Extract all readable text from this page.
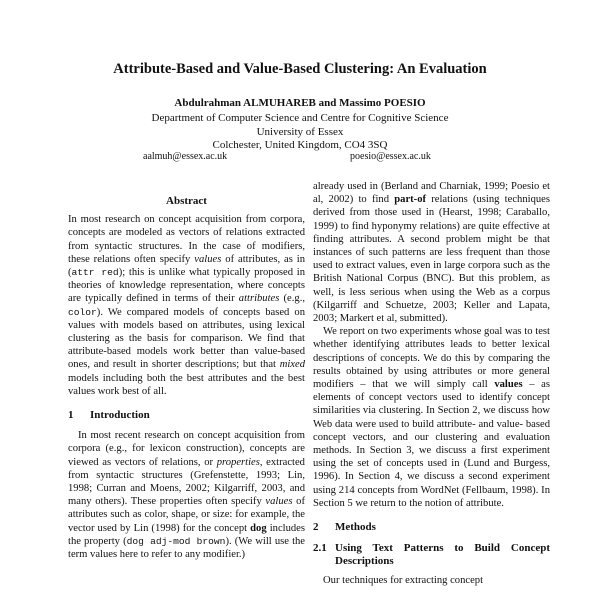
Attribute-Based and Value-Based Clustering: An Evaluation
Abdulrahman ALMUHAREB and Massimo POESIO
Department of Computer Science and Centre for Cognitive Science
University of Essex
Colchester, United Kingdom, CO4 3SQ
aalmuh@essex.ac.uk	poesio@essex.ac.uk
Abstract

In most research on concept acquisition from corpora, concepts are modeled as vectors of relations extracted from syntactic structures. In the case of modifiers, these relations often specify values of attributes, as in (attr red); this is unlike what typically proposed in theories of knowledge representation, where concepts are typically defined in terms of their attributes (e.g., color). We compared models of concepts based on values with models based on attributes, using lexical clustering as the basis for comparison. We find that attribute-based models work better than value-based ones, and result in shorter descriptions; but that mixed models including both the best attributes and the best values work best of all.

1 Introduction

In most recent research on concept acquisition from corpora (e.g., for lexicon construction), concepts are viewed as vectors of relations, or properties, extracted from syntactic structures (Grefenstette, 1993; Lin, 1998; Curran and Moens, 2002; Kilgarriff, 2003, and many others). These properties often specify values of attributes such as color, shape, or size: for example, the vector used by Lin (1998) for the concept dog includes the property (dog adj-mod brown). (We will use the term values here to refer to any modifier.)

already used in (Berland and Charniak, 1999; Poesio et al, 2002) to find part-of relations (using techniques derived from those used in (Hearst, 1998; Caraballo, 1999) to find hyponymy relations) are quite effective at finding attributes. A second problem might be that instances of such patterns are less frequent than those used to extract values, even in large corpora such as the British National Corpus (BNC). But this problem, as well, is less serious when using the Web as a corpus (Kilgarriff and Schuetze, 2003; Keller and Lapata, 2003; Markert et al, submitted).

We report on two experiments whose goal was to test whether identifying attributes leads to better lexical descriptions of concepts. We do this by comparing the results obtained by using attributes or more general modifiers – that we will simply call values – as elements of concept vectors used to identify concept similarities via clustering. In Section 2, we discuss how Web data were used to build attribute- and value- based concept vectors, and our clustering and evaluation methods. In Section 3, we discuss a first experiment using the set of concepts used in (Lund and Burgess, 1996). In Section 4, we discuss a second experiment using 214 concepts from WordNet (Fellbaum, 1998). In Section 5 we return to the notion of attribute.

2 Methods
2.1 Using Text Patterns to Build Concept Descriptions

Our techniques for extracting concept
